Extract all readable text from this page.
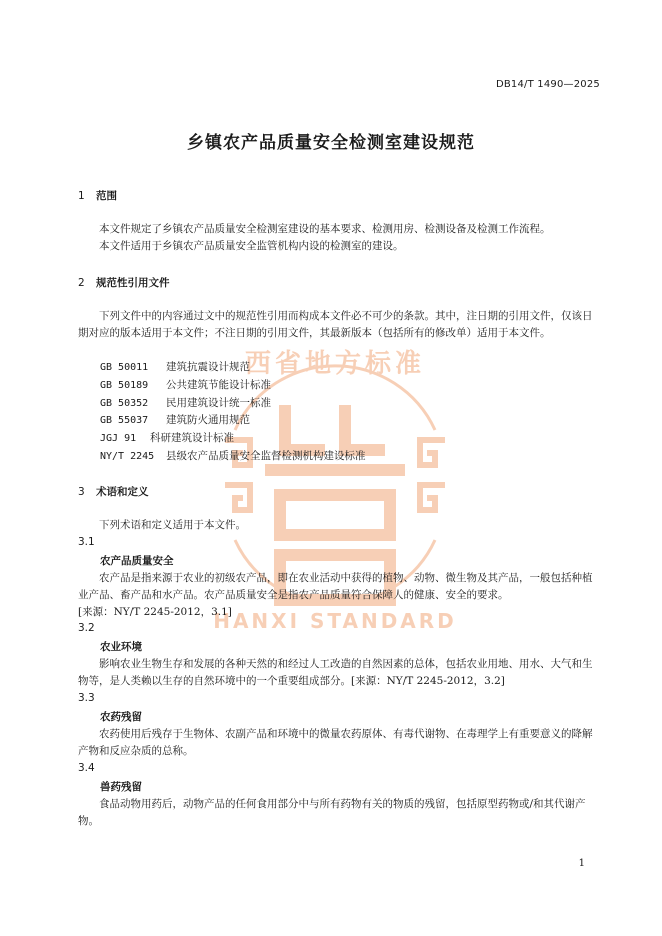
西省地方标准
HANXI STANDARD
DB14/T 1490—2025
乡镇农产品质量安全检测室建设规范
1 范围

本文件规定了乡镇农产品质量安全检测室建设的基本要求、检测用房、检测设备及检测工作流程。

本文件适用于乡镇农产品质量安全监管机构内设的检测室的建设。

2 规范性引用文件

下列文件中的内容通过文中的规范性引用而构成本文件必不可少的条款。其中，注日期的引用文件，仅该日期对应的版本适用于本文件；不注日期的引用文件，其最新版本（包括所有的修改单）适用于本文件。

GB 50011 建筑抗震设计规范
GB 50189 公共建筑节能设计标准
GB 50352 民用建筑设计统一标准
GB 55037 建筑防火通用规范
JGJ 91 科研建筑设计标准
NY/T 2245 县级农产品质量安全监督检测机构建设标准
3 术语和定义

下列术语和定义适用于本文件。

3.1
农产品质量安全

农产品是指来源于农业的初级农产品，即在农业活动中获得的植物、动物、微生物及其产品，一般包括种植业产品、畜产品和水产品。农产品质量安全是指农产品质量符合保障人的健康、安全的要求。

[来源：NY/T 2245-2012，3.1]
3.2
农业环境

影响农业生物生存和发展的各种天然的和经过人工改造的自然因素的总体，包括农业用地、用水、大气和生物等，是人类赖以生存的自然环境中的一个重要组成部分。[来源：NY/T 2245-2012，3.2]

3.3
农药残留

农药使用后残存于生物体、农副产品和环境中的微量农药原体、有毒代谢物、在毒理学上有重要意义的降解产物和反应杂质的总称。

3.4
兽药残留

食品动物用药后，动物产品的任何食用部分中与所有药物有关的物质的残留，包括原型药物或/和其代谢产物。

1
